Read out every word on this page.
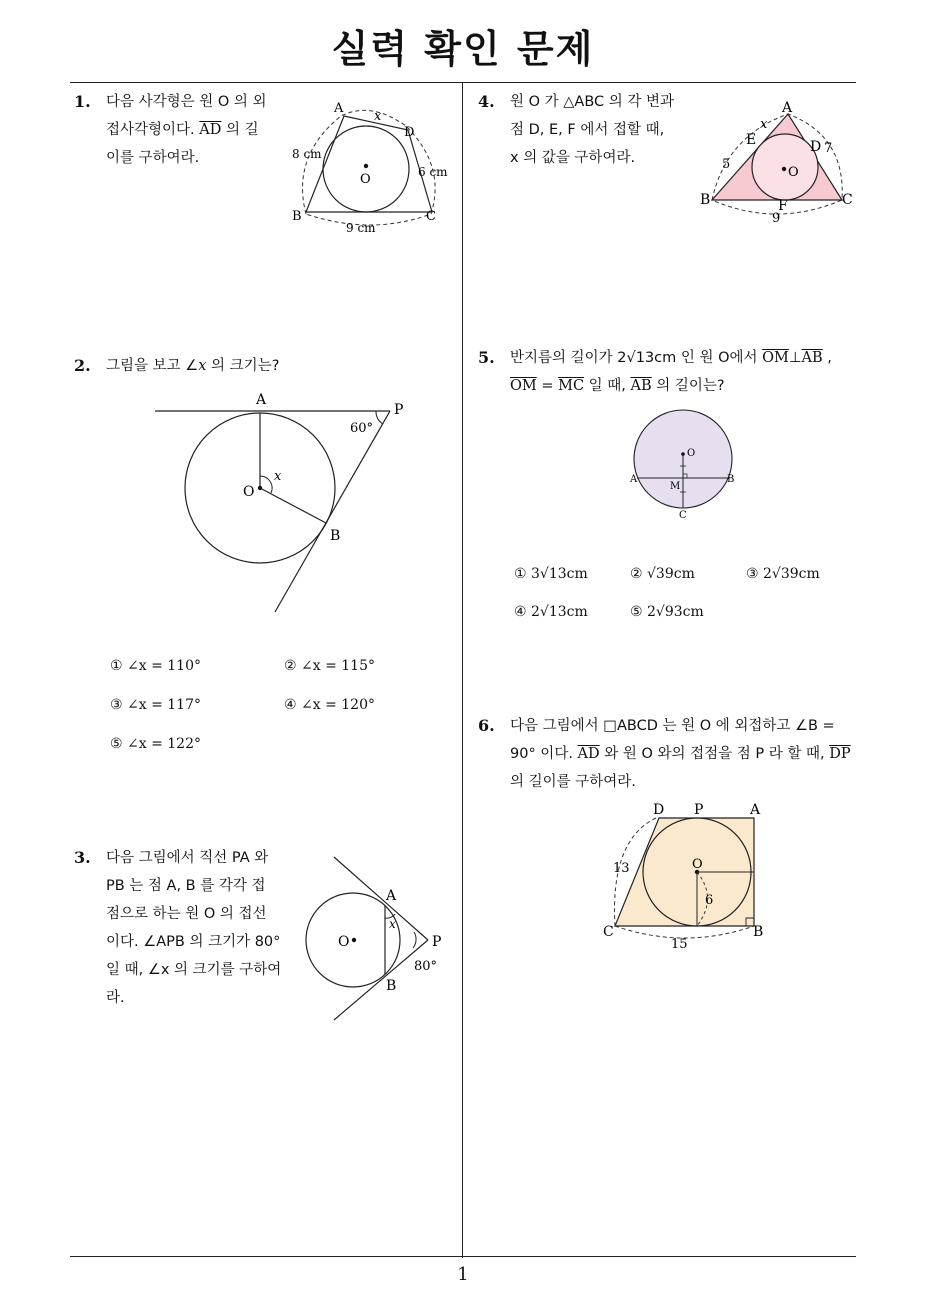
실력 확인 문제
1
1. 다음 사각형은 원 O 의 외
접사각형이다. $\overline{AD}$ 의 길
이를 구하여라.
A
D
B	C
O
x
8 cm
6 cm
9 cm
2. 그림을 보고 ∠x 의 크기는?
A
P
O
B
x
60°
① ∠x = 110°	② ∠x = 115°
③ ∠x = 117°	④ ∠x = 120°
⑤ ∠x = 122°
3. 다음 그림에서 직선 PA 와
PB 는 점 A, B 를 각각 접
점으로 하는 원 O 의 접선
이다. ∠APB 의 크기가 80°
일 때, ∠x 의 크기를 구하여
라.
A
B
P
O
x
80°
4. 원 O 가 △ABC 의 각 변과
점 D, E, F 에서 접할 때,
x 의 값을 구하여라.
A
B	C
D
E
F
O
x
5
7
9
5. 반지름의 길이가 2√13cm 인 원 O에서 $\overline{OM}\perp\overline{AB}$ ,
$\overline{OM} = \overline{MC}$ 일 때, $\overline{AB}$ 의 길이는?
O
A	B
M
C
① 3√13cm	② √39cm	③ 2√39cm
④ 2√13cm	⑤ 2√93cm
6. 다음 그림에서 □ABCD 는 원 O 에 외접하고 ∠B =
90° 이다. $\overline{AD}$ 와 원 O 와의 접점을 점 P 라 할 때, $\overline{DP}$
의 길이를 구하여라.
D P	A
O
13
6
C	B
15
